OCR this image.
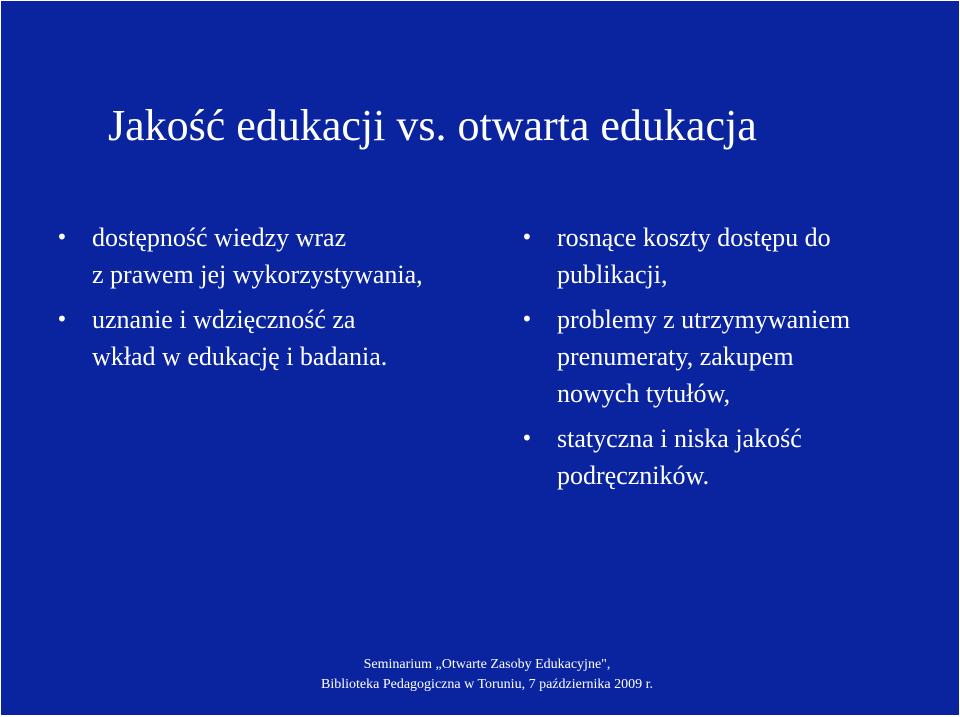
Jakość edukacji vs. otwarta edukacja
• dostępność wiedzy wraz
z prawem jej wykorzystywania,
• uznanie i wdzięczność za
wkład w edukację i badania.
• rosnące koszty dostępu do
publikacji,
• problemy z utrzymywaniem
prenumeraty, zakupem
nowych tytułów,
• statyczna i niska jakość
podręczników.
Seminarium „Otwarte Zasoby Edukacyjne",
Biblioteka Pedagogiczna w Toruniu, 7 października 2009 r.
